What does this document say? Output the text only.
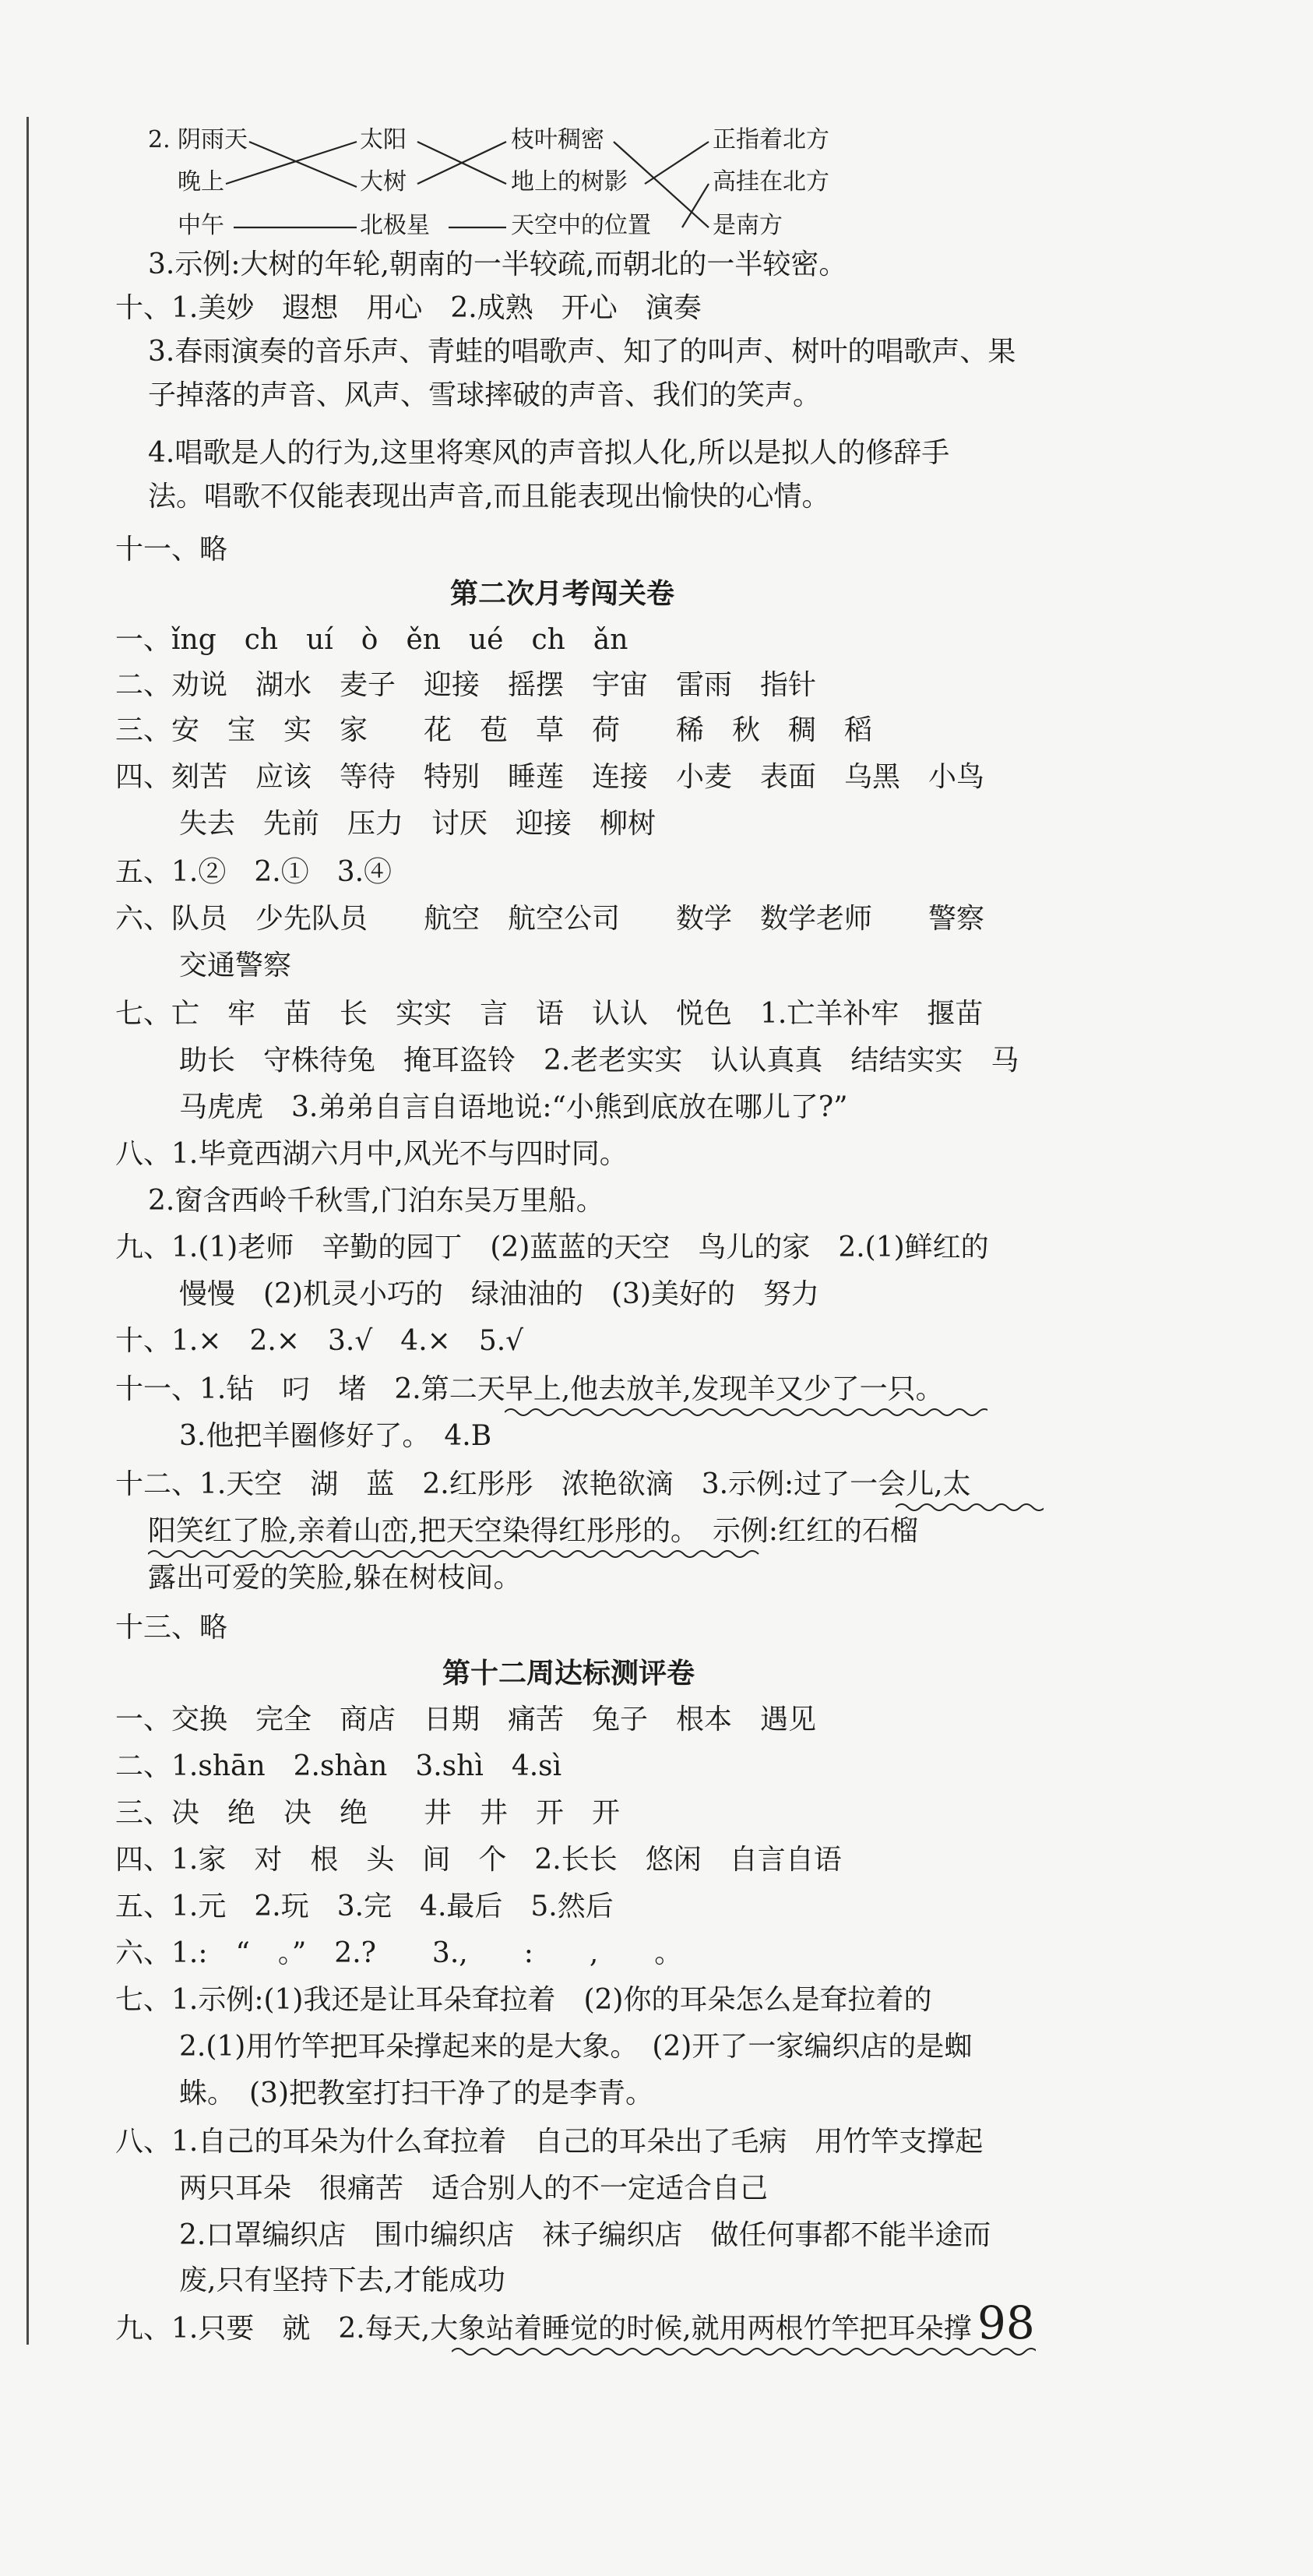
2. 阴雨天
晚上
中午
太阳
大树
北极星
枝叶稠密
地上的树影
天空中的位置
正指着北方
高挂在北方
是南方
3.示例:大树的年轮,朝南的一半较疏,而朝北的一半较密。
十、1.美妙　遐想　用心　2.成熟　开心　演奏
3.春雨演奏的音乐声、青蛙的唱歌声、知了的叫声、树叶的唱歌声、果
子掉落的声音、风声、雪球摔破的声音、我们的笑声。
4.唱歌是人的行为,这里将寒风的声音拟人化,所以是拟人的修辞手
法。唱歌不仅能表现出声音,而且能表现出愉快的心情。
十一、略
第二次月考闯关卷
一、ǐng　ch　uí　ò　ěn　ué　ch　ǎn
二、劝说　湖水　麦子　迎接　摇摆　宇宙　雷雨　指针
三、安　宝　实　家　　花　苞　草　荷　　稀　秋　稠　稻
四、刻苦　应该　等待　特别　睡莲　连接　小麦　表面　乌黑　小鸟
失去　先前　压力　讨厌　迎接　柳树
五、1.②　2.①　3.④
六、队员　少先队员　　航空　航空公司　　数学　数学老师　　警察
交通警察
七、亡　牢　苗　长　实实　言　语　认认　悦色　1.亡羊补牢　揠苗
助长　守株待兔　掩耳盗铃　2.老老实实　认认真真　结结实实　马
马虎虎　3.弟弟自言自语地说:“小熊到底放在哪儿了?”
八、1.毕竟西湖六月中,风光不与四时同。
2.窗含西岭千秋雪,门泊东吴万里船。
九、1.(1)老师　辛勤的园丁　(2)蓝蓝的天空　鸟儿的家　2.(1)鲜红的
慢慢　(2)机灵小巧的　绿油油的　(3)美好的　努力
十、1.×　2.×　3.√　4.×　5.√
十一、1.钻　叼　堵　2.第二天早上,他去放羊,发现羊又少了一只。
3.他把羊圈修好了。　4.B
十二、1.天空　湖　蓝　2.红彤彤　浓艳欲滴　3.示例:过了一会儿,太
阳笑红了脸,亲着山峦,把天空染得红彤彤的。　示例:红红的石榴
露出可爱的笑脸,躲在树枝间。
十三、略
第十二周达标测评卷
一、交换　完全　商店　日期　痛苦　兔子　根本　遇见
二、1.shān　2.shàn　3.shì　4.sì
三、决　绝　决　绝　　井　井　开　开
四、1.家　对　根　头　间　个　2.长长　悠闲　自言自语
五、1.元　2.玩　3.完　4.最后　5.然后
六、1.:　“　。”　2.?　　3.,　　:　　,　　。
七、1.示例:(1)我还是让耳朵耷拉着　(2)你的耳朵怎么是耷拉着的
2.(1)用竹竿把耳朵撑起来的是大象。　(2)开了一家编织店的是蜘
蛛。　(3)把教室打扫干净了的是李青。
八、1.自己的耳朵为什么耷拉着　自己的耳朵出了毛病　用竹竿支撑起
两只耳朵　很痛苦　适合别人的不一定适合自己
2.口罩编织店　围巾编织店　袜子编织店　做任何事都不能半途而
废,只有坚持下去,才能成功
九、1.只要　就　2.每天,大象站着睡觉的时候,就用两根竹竿把耳朵撑 98
